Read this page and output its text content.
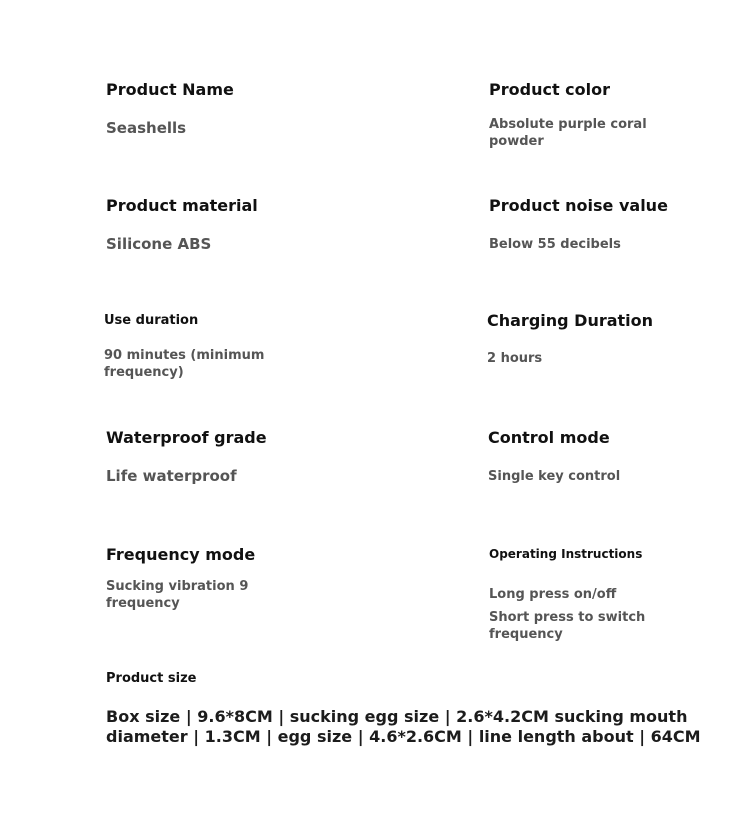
Product Name
Seashells
Product color
Absolute purple coral
powder
Product material
Silicone ABS
Product noise value
Below 55 decibels
Use duration
90 minutes (minimum
frequency)
Charging Duration
2 hours
Waterproof grade
Life waterproof
Control mode
Single key control
Frequency mode
Sucking vibration 9
frequency
Operating Instructions
Long press on/off
Short press to switch
frequency
Product size
Box size | 9.6*8CM | sucking egg size | 2.6*4.2CM sucking mouth
diameter | 1.3CM | egg size | 4.6*2.6CM | line length about | 64CM
